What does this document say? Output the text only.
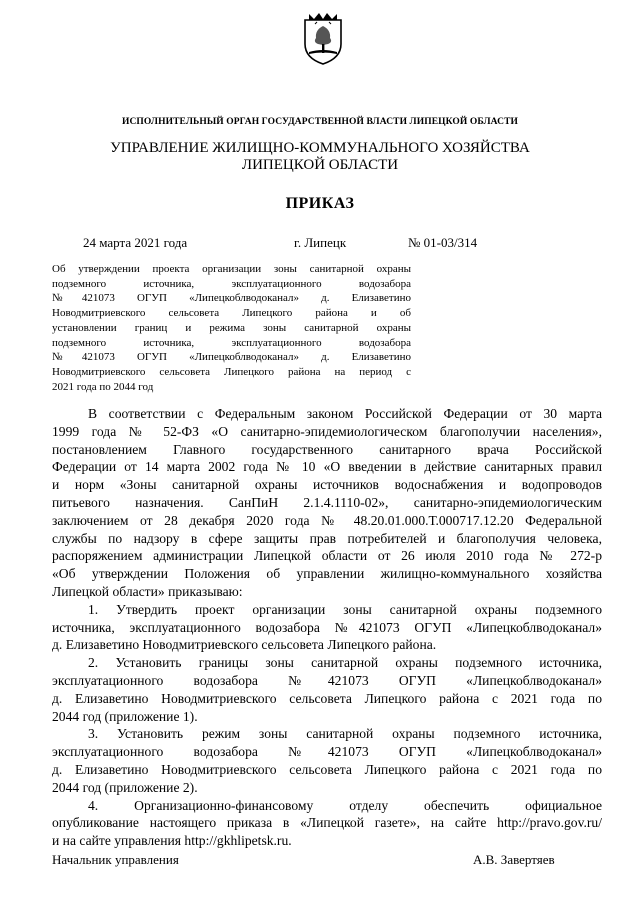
ИСПОЛНИТЕЛЬНЫЙ ОРГАН ГОСУДАРСТВЕННОЙ ВЛАСТИ ЛИПЕЦКОЙ ОБЛАСТИ
УПРАВЛЕНИЕ ЖИЛИЩНО-КОММУНАЛЬНОГО ХОЗЯЙСТВА
ЛИПЕЦКОЙ ОБЛАСТИ
ПРИКАЗ
24 марта 2021 года	г. Липецк	№ 01-03/314
Об утверждении проекта организации зоны санитарной охраны
подземного источника, эксплуатационного водозабора
№421073 ОГУП «Липецкоблводоканал» д. Елизаветино
Новодмитриевского сельсовета Липецкого района и об
установлении границ и режима зоны санитарной охраны
подземного источника, эксплуатационного водозабора
№421073 ОГУП «Липецкоблводоканал» д. Елизаветино
Новодмитриевского сельсовета Липецкого района на период с
2021 года по 2044 год
В соответствии с Федеральным законом Российской Федерации от 30 марта
1999 года № 52-ФЗ «О санитарно-эпидемиологическом благополучии населения»,
постановлением Главного государственного санитарного врача Российской
Федерации от 14 марта 2002 года № 10 «О введении в действие санитарных правил
и норм «Зоны санитарной охраны источников водоснабжения и водопроводов
питьевого назначения. СанПиН 2.1.4.1110-02», санитарно-эпидемиологическим
заключением от 28 декабря 2020 года № 48.20.01.000.Т.000717.12.20 Федеральной
службы по надзору в сфере защиты прав потребителей и благополучия человека,
распоряжением администрации Липецкой области от 26 июля 2010 года № 272-р
«Об утверждении Положения об управлении жилищно-коммунального хозяйства
Липецкой области» приказываю:
1. Утвердить проект организации зоны санитарной охраны подземного
источника, эксплуатационного водозабора №421073 ОГУП «Липецкоблводоканал»
д. Елизаветино Новодмитриевского сельсовета Липецкого района.
2. Установить границы зоны санитарной охраны подземного источника,
эксплуатационного водозабора №421073 ОГУП «Липецкоблводоканал»
д. Елизаветино Новодмитриевского сельсовета Липецкого района с 2021 года по
2044 год (приложение 1).
3. Установить режим зоны санитарной охраны подземного источника,
эксплуатационного водозабора №421073 ОГУП «Липецкоблводоканал»
д. Елизаветино Новодмитриевского сельсовета Липецкого района с 2021 года по
2044 год (приложение 2).
4. Организационно-финансовому отделу обеспечить официальное
опубликование настоящего приказа в «Липецкой газете», на сайте http://pravo.gov.ru/
и на сайте управления http://gkhlipetsk.ru.
Начальник управления	А.В. Завертяев
